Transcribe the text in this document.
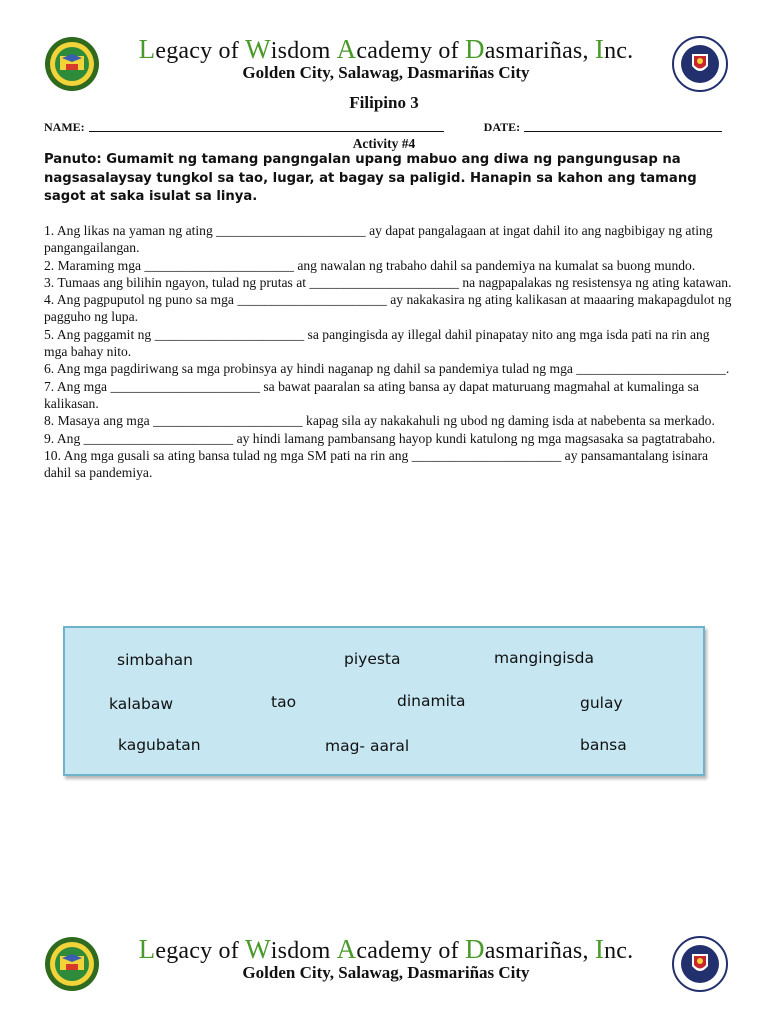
Legacy of Wisdom Academy of Dasmariñas, Inc.
Golden City, Salawag, Dasmariñas City
Filipino 3
NAME:	DATE:
Activity #4
Panuto: Gumamit ng tamang pangngalan upang mabuo ang diwa ng pangungusap na nagsasalaysay tungkol sa tao, lugar, at bagay sa paligid. Hanapin sa kahon ang tamang sagot at saka isulat sa linya.

1. Ang likas na yaman ng ating ______________________ ay dapat pangalagaan at ingat dahil ito ang nagbibigay ng ating pangangailangan.

2. Maraming mga ______________________ ang nawalan ng trabaho dahil sa pandemiya na kumalat sa buong mundo.

3. Tumaas ang bilihin ngayon, tulad ng prutas at ______________________ na nagpapalakas ng resistensya ng ating katawan.

4. Ang pagpuputol ng puno sa mga ______________________ ay nakakasira ng ating kalikasan at maaaring makapagdulot ng pagguho ng lupa.

5. Ang paggamit ng ______________________ sa pangingisda ay illegal dahil pinapatay nito ang mga isda pati na rin ang mga bahay nito.

6. Ang mga pagdiriwang sa mga probinsya ay hindi naganap ng dahil sa pandemiya tulad ng mga ______________________.

7. Ang mga ______________________ sa bawat paaralan sa ating bansa ay dapat maturuang magmahal at kumalinga sa kalikasan.

8. Masaya ang mga ______________________ kapag sila ay nakakahuli ng ubod ng daming isda at nabebenta sa merkado.

9. Ang ______________________ ay hindi lamang pambansang hayop kundi katulong ng mga magsasaka sa pagtatrabaho.

10. Ang mga gusali sa ating bansa tulad ng mga SM pati na rin ang ______________________ ay pansamantalang isinara dahil sa pandemiya.

simbahan	piyesta	mangingisda
kalabaw	tao	dinamita	gulay
kagubatan	mag- aaral	bansa
Legacy of Wisdom Academy of Dasmariñas, Inc.
Golden City, Salawag, Dasmariñas City
